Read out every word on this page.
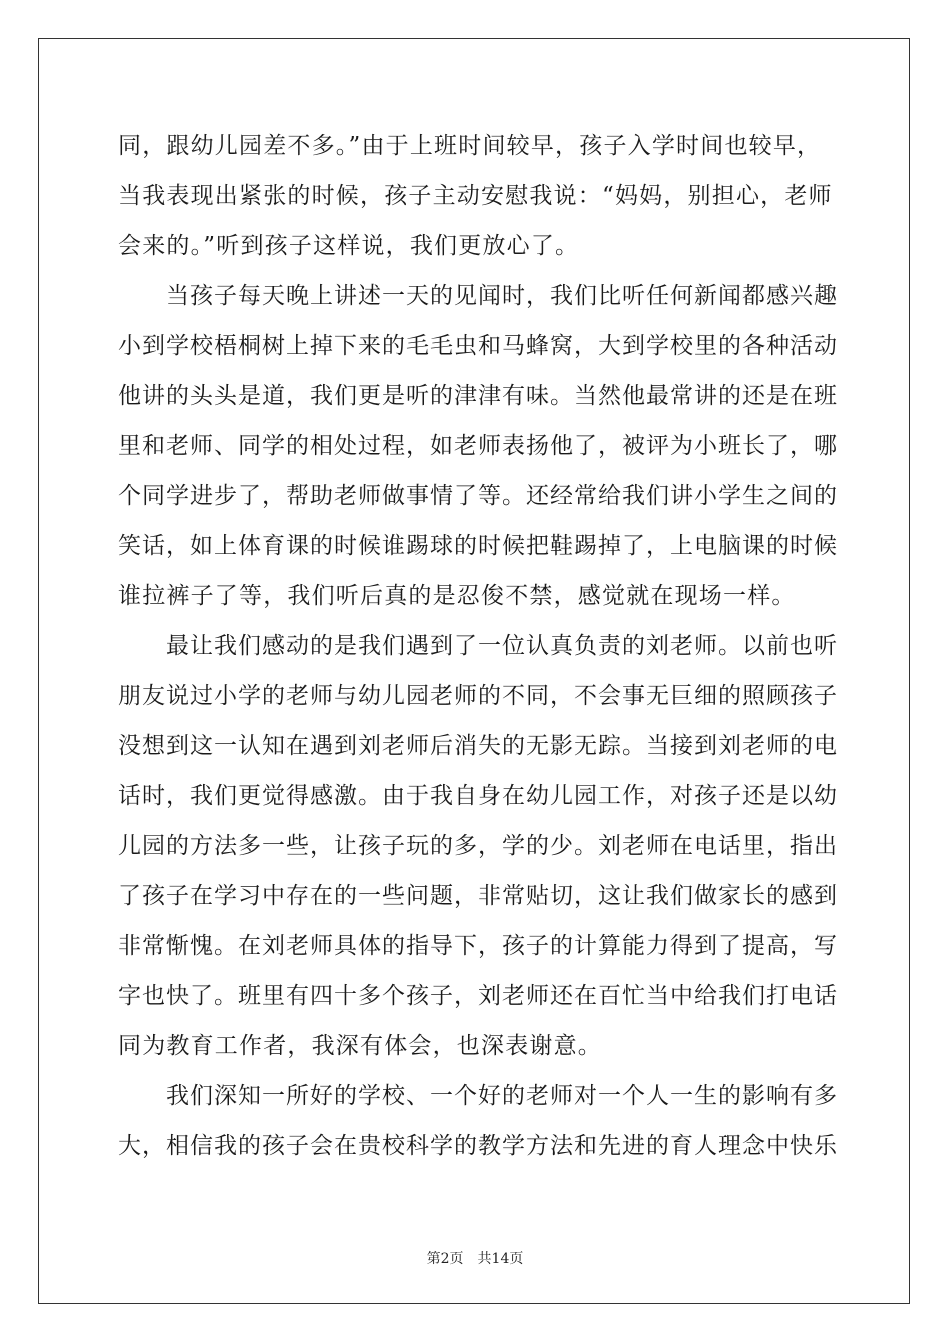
同，跟幼儿园差不多。”由于上班时间较早，孩子入学时间也较早，
当我表现出紧张的时候，孩子主动安慰我说：“妈妈，别担心，老师
会来的。”听到孩子这样说，我们更放心了。
　　当孩子每天晚上讲述一天的见闻时，我们比听任何新闻都感兴趣
小到学校梧桐树上掉下来的毛毛虫和马蜂窝，大到学校里的各种活动
他讲的头头是道，我们更是听的津津有味。当然他最常讲的还是在班
里和老师、同学的相处过程，如老师表扬他了，被评为小班长了，哪
个同学进步了，帮助老师做事情了等。还经常给我们讲小学生之间的
笑话，如上体育课的时候谁踢球的时候把鞋踢掉了，上电脑课的时候
谁拉裤子了等，我们听后真的是忍俊不禁，感觉就在现场一样。
　　最让我们感动的是我们遇到了一位认真负责的刘老师。以前也听
朋友说过小学的老师与幼儿园老师的不同，不会事无巨细的照顾孩子
没想到这一认知在遇到刘老师后消失的无影无踪。当接到刘老师的电
话时，我们更觉得感激。由于我自身在幼儿园工作，对孩子还是以幼
儿园的方法多一些，让孩子玩的多，学的少。刘老师在电话里，指出
了孩子在学习中存在的一些问题，非常贴切，这让我们做家长的感到
非常惭愧。在刘老师具体的指导下，孩子的计算能力得到了提高，写
字也快了。班里有四十多个孩子，刘老师还在百忙当中给我们打电话
同为教育工作者，我深有体会，也深表谢意。
　　我们深知一所好的学校、一个好的老师对一个人一生的影响有多
大，相信我的孩子会在贵校科学的教学方法和先进的育人理念中快乐
第2页　共14页
